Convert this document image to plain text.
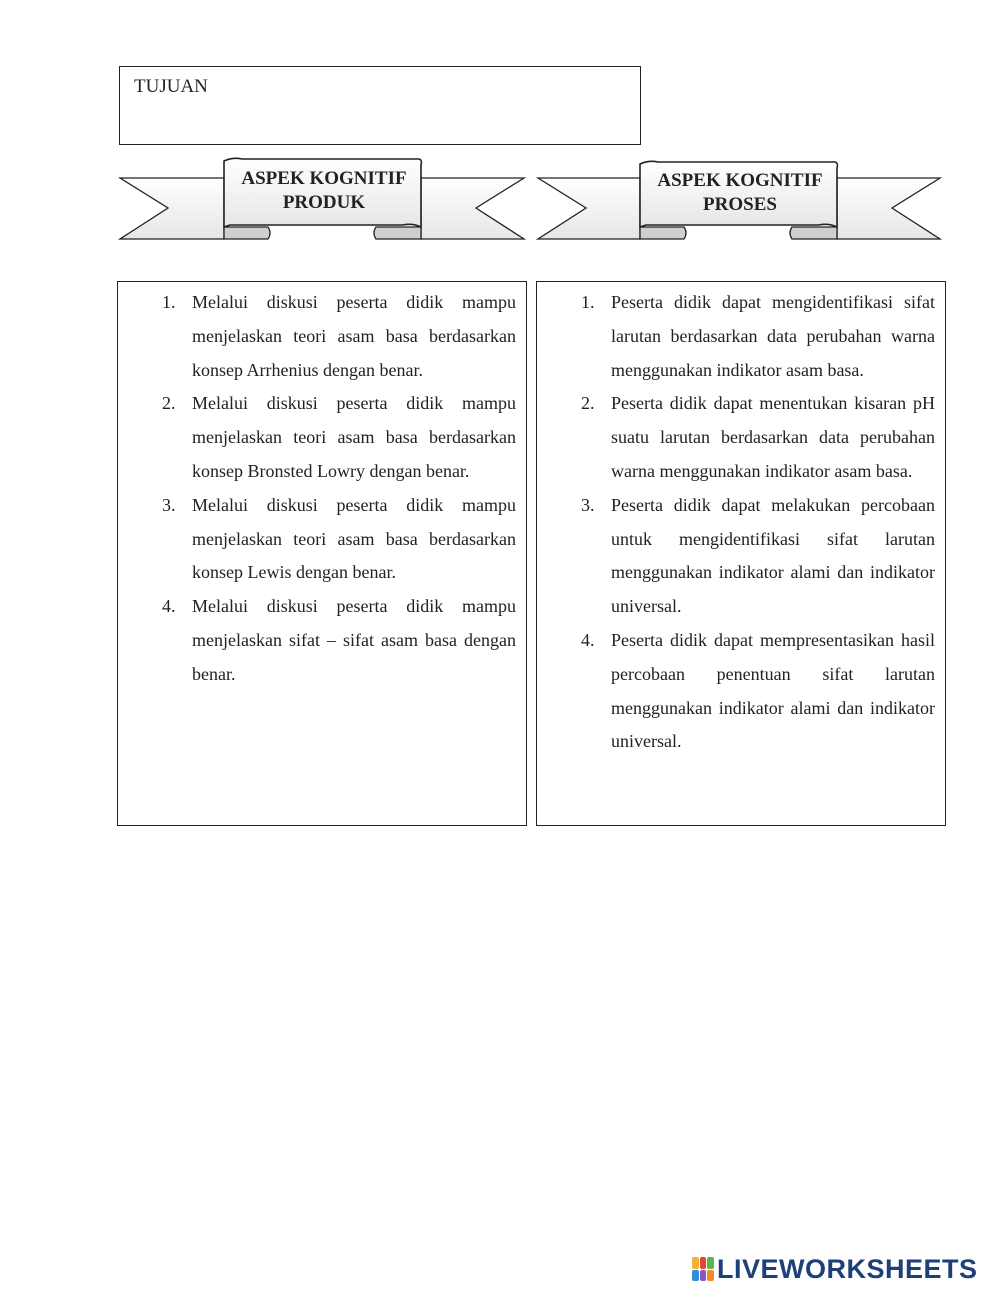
TUJUAN
ASPEK KOGNITIF
PRODUK
ASPEK KOGNITIF
PROSES
1. Melalui diskusi peserta didik mampu menjelaskan teori asam basa berdasarkan konsep Arrhenius dengan benar.
2. Melalui diskusi peserta didik mampu menjelaskan teori asam basa berdasarkan konsep Bronsted Lowry dengan benar.
3. Melalui diskusi peserta didik mampu menjelaskan teori asam basa berdasarkan konsep Lewis dengan benar.
4. Melalui diskusi peserta didik mampu menjelaskan sifat – sifat asam basa dengan benar.
1. Peserta didik dapat mengidentifikasi sifat larutan berdasarkan data perubahan warna menggunakan indikator asam basa.
2. Peserta didik dapat menentukan kisaran pH suatu larutan berdasarkan data perubahan warna menggunakan indikator asam basa.
3. Peserta didik dapat melakukan percobaan untuk mengidentifikasi sifat larutan menggunakan indikator alami dan indikator universal.
4. Peserta didik dapat mempresentasikan hasil percobaan penentuan sifat larutan menggunakan indikator alami dan indikator universal.
LIVEWORKSHEETS
